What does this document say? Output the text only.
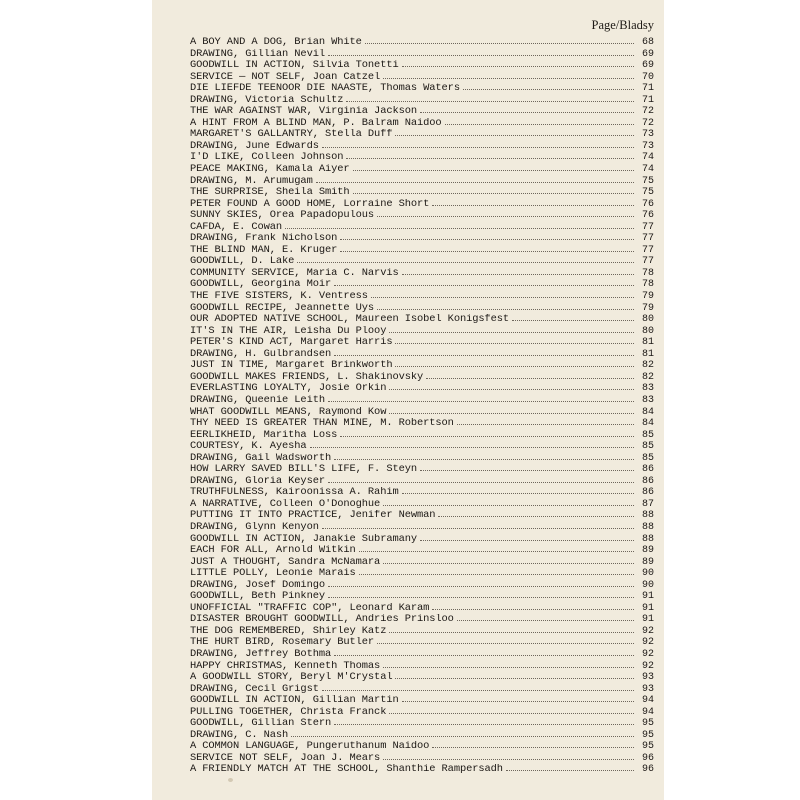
Page/Bladsy
A BOY AND A DOG, Brian White	68
DRAWING, Gillian Nevil	69
GOODWILL IN ACTION, Silvia Tonetti	69
SERVICE — NOT SELF, Joan Catzel	70
DIE LIEFDE TEENOOR DIE NAASTE, Thomas Waters	71
DRAWING, Victoria Schultz	71
THE WAR AGAINST WAR, Virginia Jackson	72
A HINT FROM A BLIND MAN, P. Balram Naidoo	72
MARGARET'S GALLANTRY, Stella Duff	73
DRAWING, June Edwards	73
I'D LIKE, Colleen Johnson	74
PEACE MAKING, Kamala Aiyer	74
DRAWING, M. Arumugam	75
THE SURPRISE, Sheila Smith	75
PETER FOUND A GOOD HOME, Lorraine Short	76
SUNNY SKIES, Orea Papadopulous	76
CAFDA, E. Cowan	77
DRAWING, Frank Nicholson	77
THE BLIND MAN, E. Kruger	77
GOODWILL, D. Lake	77
COMMUNITY SERVICE, Maria C. Narvis	78
GOODWILL, Georgina Moir	78
THE FIVE SISTERS, K. Ventress	79
GOODWILL RECIPE, Jeannette Uys	79
OUR ADOPTED NATIVE SCHOOL, Maureen Isobel Konigsfest	80
IT'S IN THE AIR, Leisha Du Plooy	80
PETER'S KIND ACT, Margaret Harris	81
DRAWING, H. Gulbrandsen	81
JUST IN TIME, Margaret Brinkworth	82
GOODWILL MAKES FRIENDS, L. Shakinovsky	82
EVERLASTING LOYALTY, Josie Orkin	83
DRAWING, Queenie Leith	83
WHAT GOODWILL MEANS, Raymond Kow	84
THY NEED IS GREATER THAN MINE, M. Robertson	84
EERLIKHEID, Maritha Loss	85
COURTESY, K. Ayesha	85
DRAWING, Gail Wadsworth	85
HOW LARRY SAVED BILL'S LIFE, F. Steyn	86
DRAWING, Gloria Keyser	86
TRUTHFULNESS, Kairoonissa A. Rahim	86
A NARRATIVE, Colleen O'Donoghue	87
PUTTING IT INTO PRACTICE, Jenifer Newman	88
DRAWING, Glynn Kenyon	88
GOODWILL IN ACTION, Janakie Subramany	88
EACH FOR ALL, Arnold Witkin	89
JUST A THOUGHT, Sandra McNamara	89
LITTLE POLLY, Leonie Marais	90
DRAWING, Josef Domingo	90
GOODWILL, Beth Pinkney	91
UNOFFICIAL "TRAFFIC COP", Leonard Karam	91
DISASTER BROUGHT GOODWILL, Andries Prinsloo	91
THE DOG REMEMBERED, Shirley Katz	92
THE HURT BIRD, Rosemary Butler	92
DRAWING, Jeffrey Bothma	92
HAPPY CHRISTMAS, Kenneth Thomas	92
A GOODWILL STORY, Beryl M'Crystal	93
DRAWING, Cecil Grigst	93
GOODWILL IN ACTION, Gillian Martin	94
PULLING TOGETHER, Christa Franck	94
GOODWILL, Gillian Stern	95
DRAWING, C. Nash	95
A COMMON LANGUAGE, Pungeruthanum Naidoo	95
SERVICE NOT SELF, Joan J. Mears	96
A FRIENDLY MATCH AT THE SCHOOL, Shanthie Rampersadh	96
